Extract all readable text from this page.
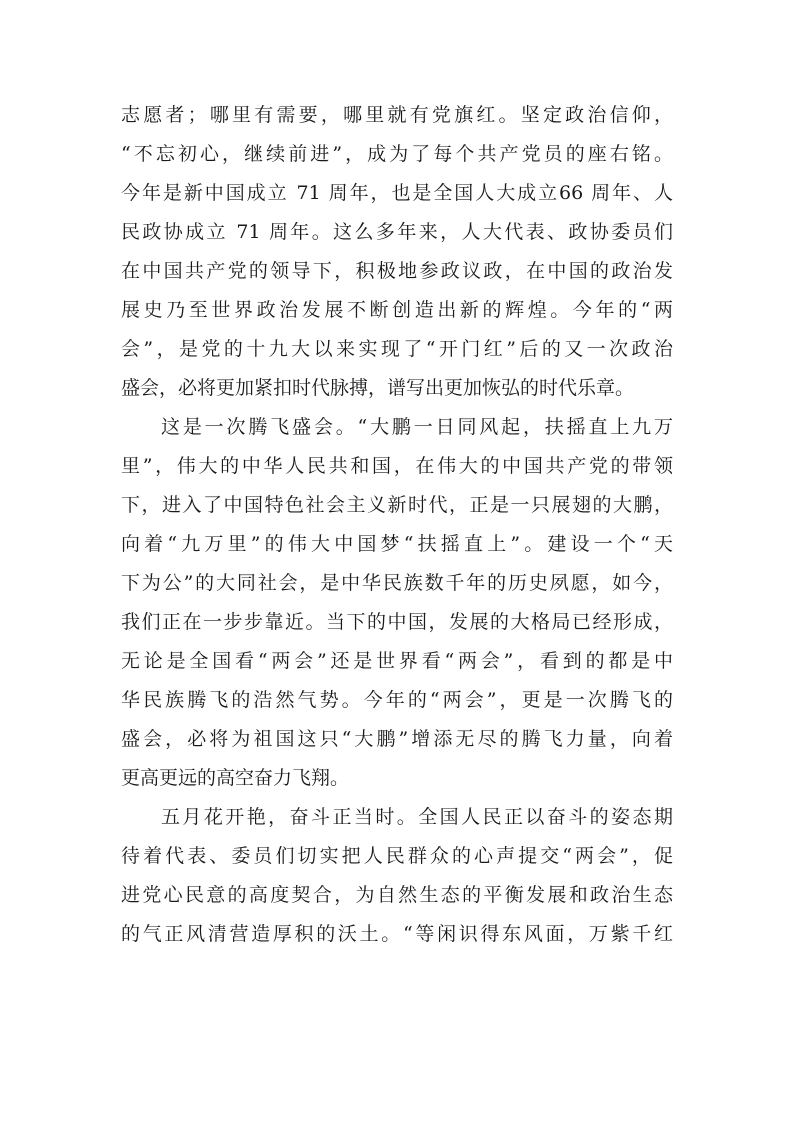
志愿者；哪里有需要，哪里就有党旗红。坚定政治信仰，
“不忘初心，继续前进”，成为了每个共产党员的座右铭。
今年是新中国成立 71 周年，也是全国人大成立66 周年、人
民政协成立 71 周年。这么多年来，人大代表、政协委员们
在中国共产党的领导下，积极地参政议政，在中国的政治发
展史乃至世界政治发展不断创造出新的辉煌。今年的“两
会”，是党的十九大以来实现了“开门红”后的又一次政治
盛会，必将更加紧扣时代脉搏，谱写出更加恢弘的时代乐章。
这是一次腾飞盛会。“大鹏一日同风起，扶摇直上九万
里”，伟大的中华人民共和国，在伟大的中国共产党的带领
下，进入了中国特色社会主义新时代，正是一只展翅的大鹏，
向着“九万里”的伟大中国梦“扶摇直上”。建设一个“天
下为公”的大同社会，是中华民族数千年的历史夙愿，如今，
我们正在一步步靠近。当下的中国，发展的大格局已经形成，
无论是全国看“两会”还是世界看“两会”，看到的都是中
华民族腾飞的浩然气势。今年的“两会”，更是一次腾飞的
盛会，必将为祖国这只“大鹏”增添无尽的腾飞力量，向着
更高更远的高空奋力飞翔。
五月花开艳，奋斗正当时。全国人民正以奋斗的姿态期
待着代表、委员们切实把人民群众的心声提交“两会”，促
进党心民意的高度契合，为自然生态的平衡发展和政治生态
的气正风清营造厚积的沃土。“等闲识得东风面，万紫千红
